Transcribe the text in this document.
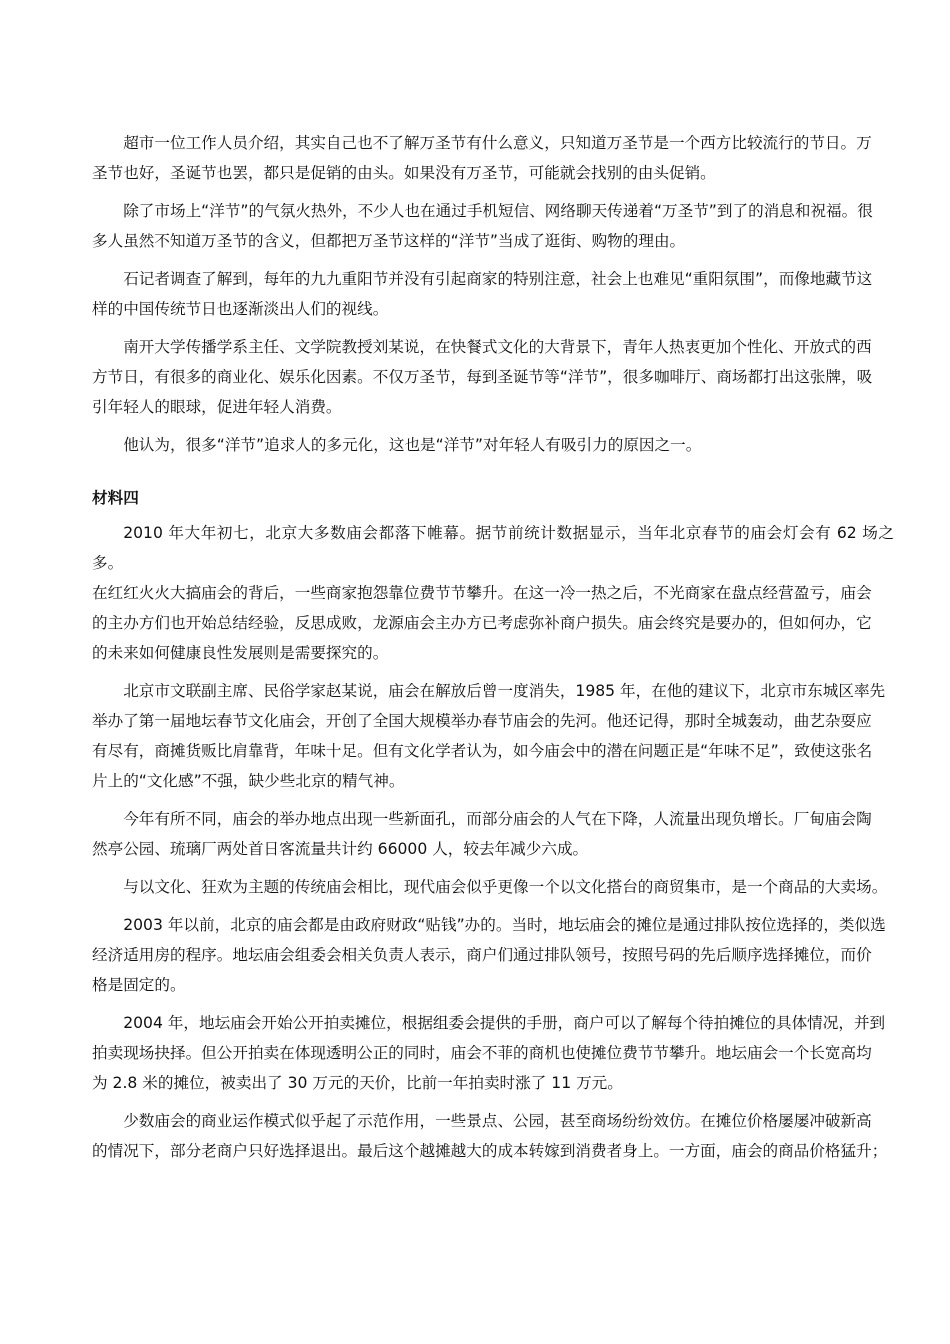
超市一位工作人员介绍，其实自己也不了解万圣节有什么意义，只知道万圣节是一个西方比较流行的节日。万
圣节也好，圣诞节也罢，都只是促销的由头。如果没有万圣节，可能就会找别的由头促销。

除了市场上“洋节”的气氛火热外，不少人也在通过手机短信、网络聊天传递着“万圣节”到了的消息和祝福。很
多人虽然不知道万圣节的含义，但都把万圣节这样的“洋节”当成了逛街、购物的理由。

石记者调查了解到，每年的九九重阳节并没有引起商家的特别注意，社会上也难见“重阳氛围”，而像地藏节这
样的中国传统节日也逐渐淡出人们的视线。

南开大学传播学系主任、文学院教授刘某说，在快餐式文化的大背景下，青年人热衷更加个性化、开放式的西
方节日，有很多的商业化、娱乐化因素。不仅万圣节，每到圣诞节等“洋节”，很多咖啡厅、商场都打出这张牌，吸
引年轻人的眼球，促进年轻人消费。

他认为，很多“洋节”追求人的多元化，这也是“洋节”对年轻人有吸引力的原因之一。

材料四

2010 年大年初七，北京大多数庙会都落下帷幕。据节前统计数据显示，当年北京春节的庙会灯会有 62 场之多。
在红红火火大搞庙会的背后，一些商家抱怨靠位费节节攀升。在这一冷一热之后，不光商家在盘点经营盈亏，庙会
的主办方们也开始总结经验，反思成败，龙源庙会主办方已考虑弥补商户损失。庙会终究是要办的，但如何办，它
的未来如何健康良性发展则是需要探究的。

北京市文联副主席、民俗学家赵某说，庙会在解放后曾一度消失，1985 年，在他的建议下，北京市东城区率先
举办了第一届地坛春节文化庙会，开创了全国大规模举办春节庙会的先河。他还记得，那时全城轰动，曲艺杂耍应
有尽有，商摊货贩比肩靠背，年味十足。但有文化学者认为，如今庙会中的潜在问题正是“年味不足”，致使这张名
片上的“文化感”不强，缺少些北京的精气神。

今年有所不同，庙会的举办地点出现一些新面孔，而部分庙会的人气在下降，人流量出现负增长。厂甸庙会陶
然亭公园、琉璃厂两处首日客流量共计约 66000 人，较去年减少六成。

与以文化、狂欢为主题的传统庙会相比，现代庙会似乎更像一个以文化搭台的商贸集市，是一个商品的大卖场。

2003 年以前，北京的庙会都是由政府财政“贴钱”办的。当时，地坛庙会的摊位是通过排队按位选择的，类似选
经济适用房的程序。地坛庙会组委会相关负责人表示，商户们通过排队领号，按照号码的先后顺序选择摊位，而价
格是固定的。

2004 年，地坛庙会开始公开拍卖摊位，根据组委会提供的手册，商户可以了解每个待拍摊位的具体情况，并到
拍卖现场抉择。但公开拍卖在体现透明公正的同时，庙会不菲的商机也使摊位费节节攀升。地坛庙会一个长宽高均
为 2.8 米的摊位，被卖出了 30 万元的天价，比前一年拍卖时涨了 11 万元。

少数庙会的商业运作模式似乎起了示范作用，一些景点、公园，甚至商场纷纷效仿。在摊位价格屡屡冲破新高
的情况下，部分老商户只好选择退出。最后这个越摊越大的成本转嫁到消费者身上。一方面，庙会的商品价格猛升；
